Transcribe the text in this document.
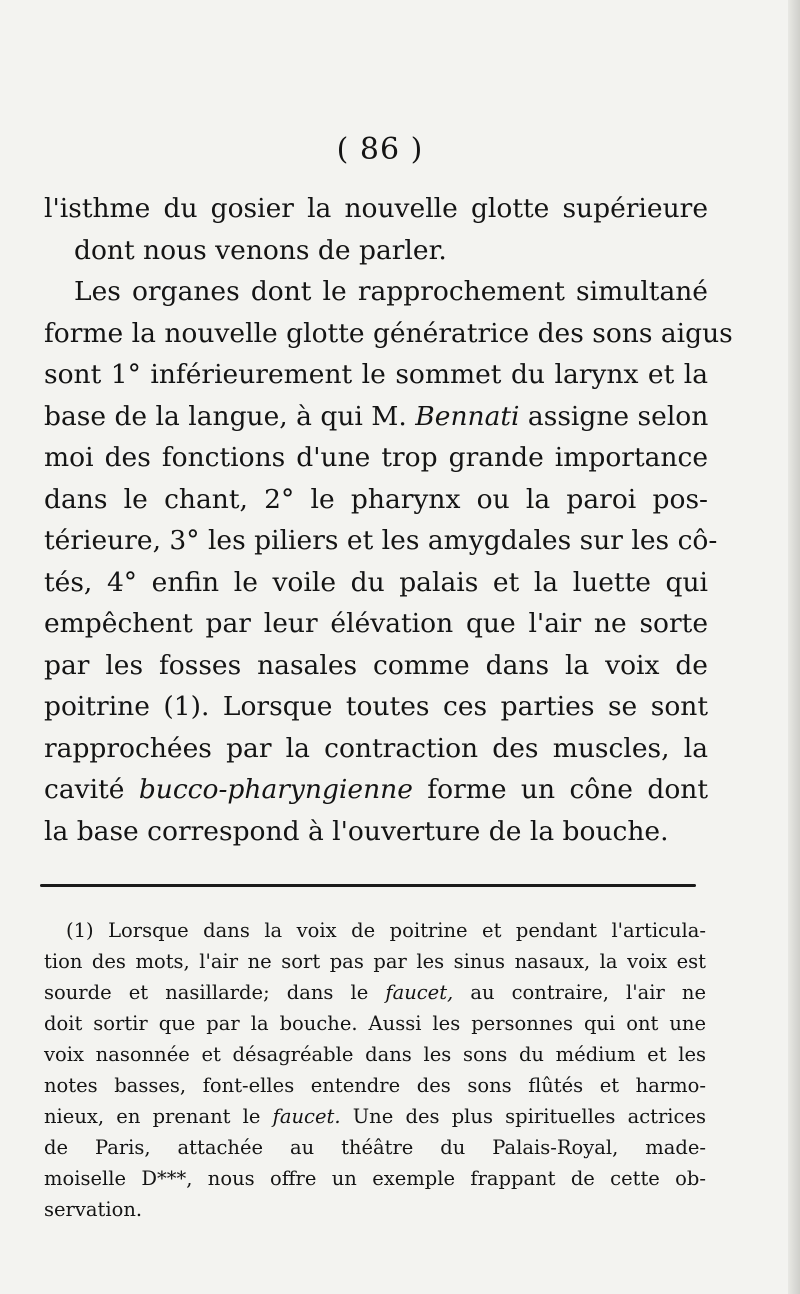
( 86 )
l'isthme du gosier la nouvelle glotte supérieure
dont nous venons de parler.
Les organes dont le rapprochement simultané
forme la nouvelle glotte génératrice des sons aigus
sont 1° inférieurement le sommet du larynx et la
base de la langue, à qui M. Bennati assigne selon
moi des fonctions d'une trop grande importance
dans le chant, 2° le pharynx ou la paroi pos-
térieure, 3° les piliers et les amygdales sur les cô-
tés, 4° enfin le voile du palais et la luette qui
empêchent par leur élévation que l'air ne sorte
par les fosses nasales comme dans la voix de
poitrine (1). Lorsque toutes ces parties se sont
rapprochées par la contraction des muscles, la
cavité bucco-pharyngienne forme un cône dont
la base correspond à l'ouverture de la bouche.
(1) Lorsque dans la voix de poitrine et pendant l'articula-
tion des mots, l'air ne sort pas par les sinus nasaux, la voix est
sourde et nasillarde; dans le faucet, au contraire, l'air ne
doit sortir que par la bouche. Aussi les personnes qui ont une
voix nasonnée et désagréable dans les sons du médium et les
notes basses, font-elles entendre des sons flûtés et harmo-
nieux, en prenant le faucet. Une des plus spirituelles actrices
de Paris, attachée au théâtre du Palais-Royal, made-
moiselle D***, nous offre un exemple frappant de cette ob-
servation.
